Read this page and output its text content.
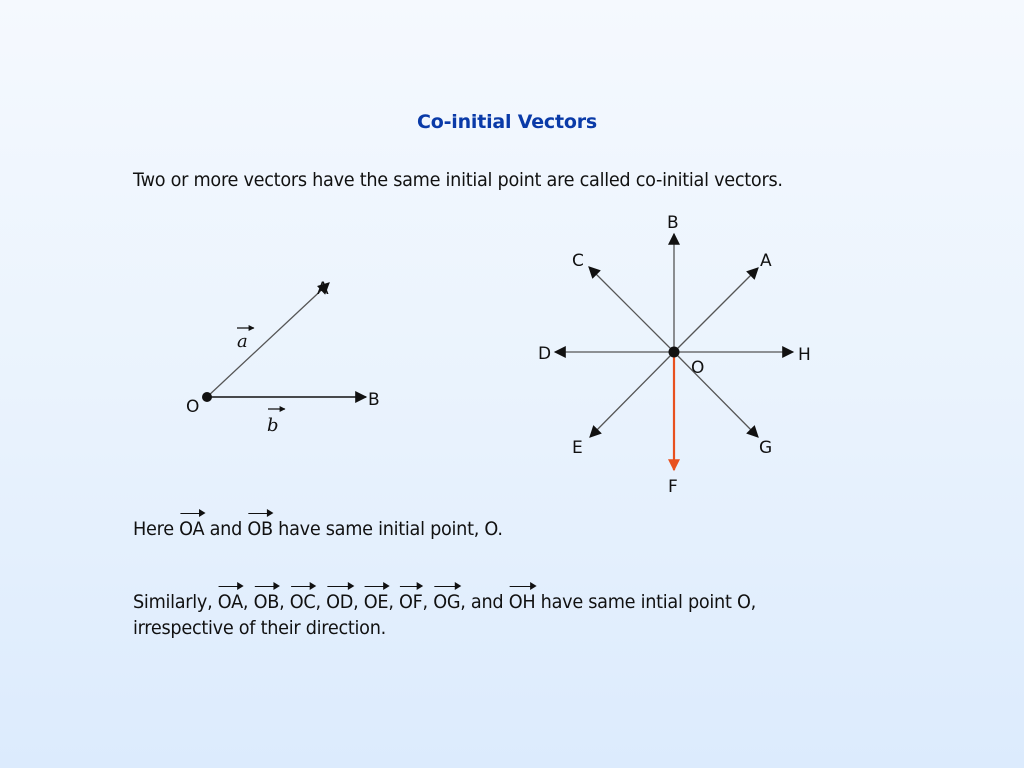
Co-initial Vectors
Two or more vectors have the same initial point are called co-initial vectors.
O
A
B
a
b
B
A
C
D	H
O
E	G
F
Here OA and OB have same initial point, O.
Similarly, OA, OB, OC, OD, OE, OF, OG, and OH have same intial point O,
irrespective of their direction.
